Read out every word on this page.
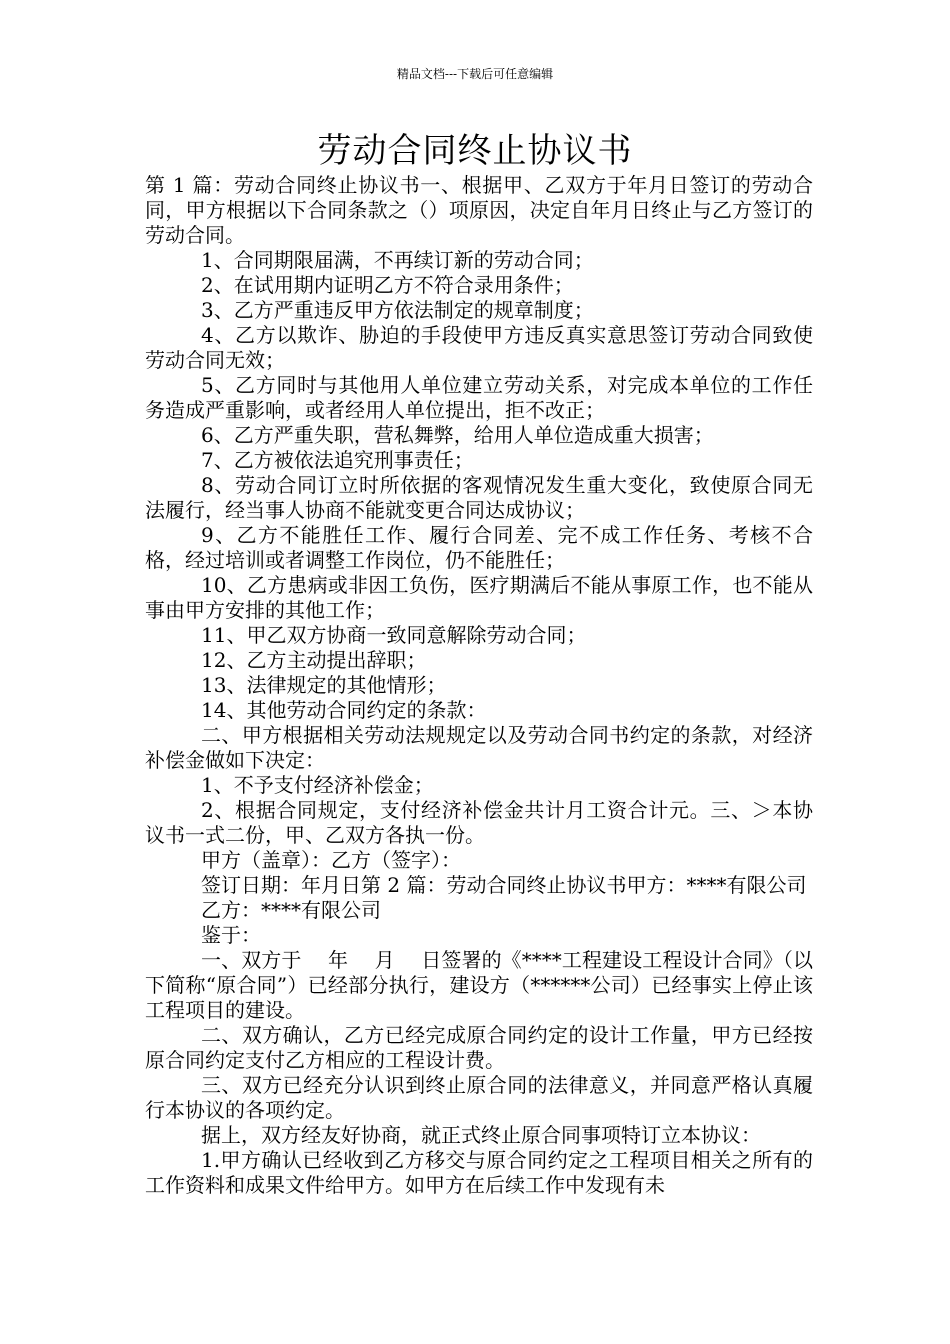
精品文档---下载后可任意编辑
劳动合同终止协议书

第 1 篇：劳动合同终止协议书一、根据甲、乙双方于年月日签订的劳动合同，甲方根据以下合同条款之（）项原因，决定自年月日终止与乙方签订的劳动合同。

1、合同期限届满，不再续订新的劳动合同；

2、在试用期内证明乙方不符合录用条件；

3、乙方严重违反甲方依法制定的规章制度；

4、乙方以欺诈、胁迫的手段使甲方违反真实意思签订劳动合同致使劳动合同无效；

5、乙方同时与其他用人单位建立劳动关系，对完成本单位的工作任务造成严重影响，或者经用人单位提出，拒不改正；

6、乙方严重失职，营私舞弊，给用人单位造成重大损害；

7、乙方被依法追究刑事责任；

8、劳动合同订立时所依据的客观情况发生重大变化，致使原合同无法履行，经当事人协商不能就变更合同达成协议；

9、乙方不能胜任工作、履行合同差、完不成工作任务、考核不合格，经过培训或者调整工作岗位，仍不能胜任；

10、乙方患病或非因工负伤，医疗期满后不能从事原工作，也不能从事由甲方安排的其他工作；

11、甲乙双方协商一致同意解除劳动合同；

12、乙方主动提出辞职；

13、法律规定的其他情形；

14、其他劳动合同约定的条款：

二、甲方根据相关劳动法规规定以及劳动合同书约定的条款，对经济补偿金做如下决定：

1、不予支付经济补偿金；

2、根据合同规定，支付经济补偿金共计月工资合计元。三、＞本协议书一式二份，甲、乙双方各执一份。

甲方（盖章）：乙方（签字）：

签订日期：年月日第 2 篇：劳动合同终止协议书甲方：****有限公司

乙方：****有限公司

鉴于：

一、双方于　 年　 月　 日签署的《****工程建设工程设计合同》（以下简称“原合同”）已经部分执行，建设方（******公司）已经事实上停止该工程项目的建设。

二、双方确认，乙方已经完成原合同约定的设计工作量，甲方已经按原合同约定支付乙方相应的工程设计费。

三、双方已经充分认识到终止原合同的法律意义，并同意严格认真履行本协议的各项约定。

据上，双方经友好协商，就正式终止原合同事项特订立本协议：

1.甲方确认已经收到乙方移交与原合同约定之工程项目相关之所有的工作资料和成果文件给甲方。如甲方在后续工作中发现有未
